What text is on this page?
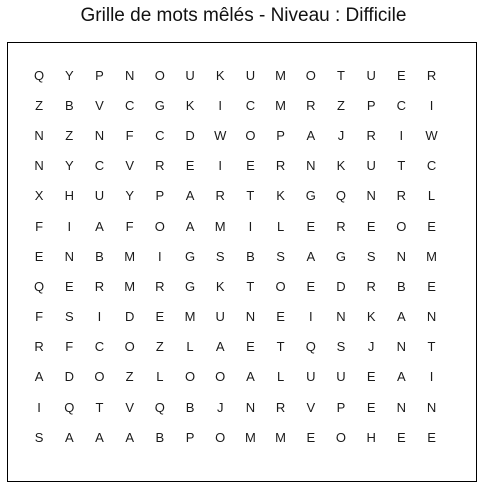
Grille de mots mêlés - Niveau : Difficile
Q	Y	P	N	O	U	K	U	M	O	T	U	E	R
Z	B	V	C	G	K	I	C	M	R	Z	P	C	I
N	Z	N	F	C	D	W	O	P	A	J	R	I	W
N	Y	C	V	R	E	I	E	R	N	K	U	T	C
X	H	U	Y	P	A	R	T	K	G	Q	N	R	L
F	I	A	F	O	A	M	I	L	E	R	E	O	E
E	N	B	M	I	G	S	B	S	A	G	S	N	M
Q	E	R	M	R	G	K	T	O	E	D	R	B	E
F	S	I	D	E	M	U	N	E	I	N	K	A	N
R	F	C	O	Z	L	A	E	T	Q	S	J	N	T
A	D	O	Z	L	O	O	A	L	U	U	E	A	I
I	Q	T	V	Q	B	J	N	R	V	P	E	N	N
S	A	A	A	B	P	O	M	M	E	O	H	E	E
